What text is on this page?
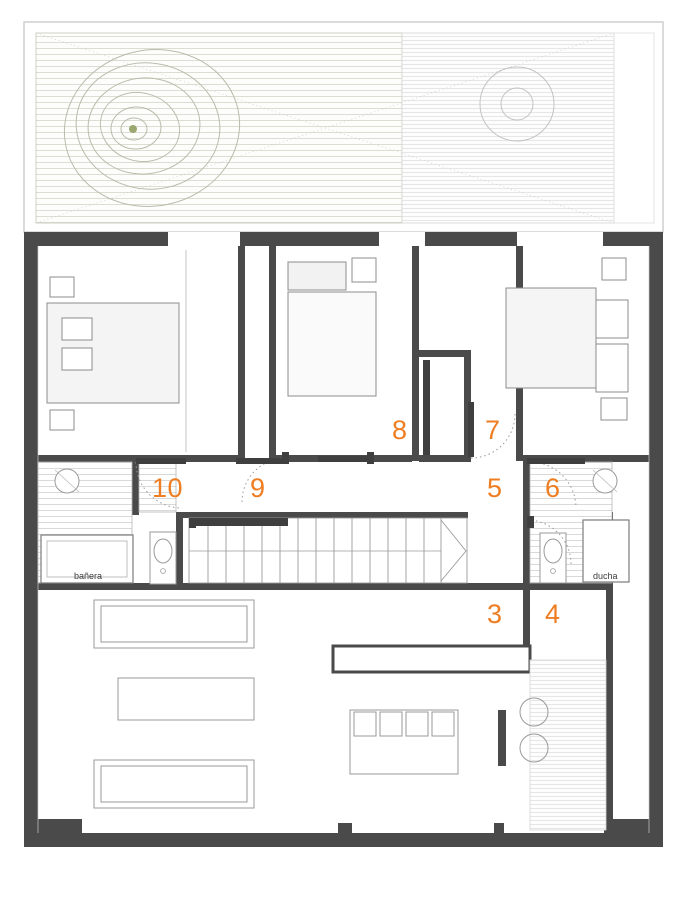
3 4
5 6
7
8
9
10
bañera	ducha
